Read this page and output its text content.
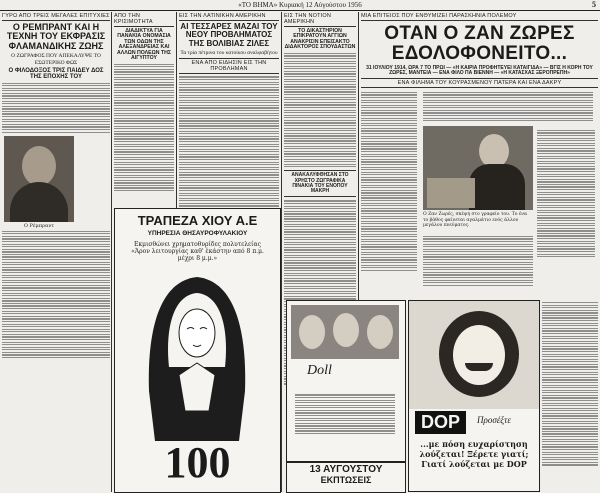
«ΤΟ ΒΗΜΑ» Κυριακή 12 Αὐγούστου 1956	5
ΓΥΡΩ ΑΠΟ ΤΡΕΙΣ ΜΕΓΑΛΕΣ ΕΠΙΤΥΧΙΕΣ
Ο ΡΕΜΠΡΑΝΤ ΚΑΙ Η ΤΕΧΝΗ ΤΟΥ ΕΚΦΡΑΣΙΣ ΦΛΑΜΑΝΔΙΚΗΣ ΖΩΗΣ
Ο ΖΩΓΡΑΦΟΣ ΠΟΥ ΑΠΕΚΑΛΥΨΕ ΤΟ ΕΣΩΤΕΡΙΚΟ ΦΩΣ
Ο ΦΙΛΟΔΟΞΟΣ ΤΡΙΣ ΠΑΙΔΕΥ ΔΟΣ ΤΗΣ ΕΠΟΧΗΣ ΤΟΥ
Ο Ρέμπραντ
ΑΠΟ ΤΗΝ ΚΡΙΣΙΜΟΤΗΤΑ
ΔΙΑΔΙΚΤΥΑ ΓΙΑ ΠΑΝΑΚΙΑ ΟΝΟΜΑΣΙΑ ΤΩΝ ΟΔΩΝ ΤΗΣ ΑΛΕΞΑΝΔΡΕΙΑΣ ΚΑΙ ΑΛΛΩΝ ΠΟΛΕΩΝ ΤΗΣ ΑΙΓΥΠΤΟΥ
ΕΙΣ ΤΗΝ ΛΑΤΙΝΙΚΗΝ ΑΜΕΡΙΚΗΝ
ΑΙ ΤΕΣΣΑΡΕΣ ΜΑΖΑΙ ΤΟΥ ΝΕΟΥ ΠΡΟΒΛΗΜΑΤΟΣ ΤΗΣ ΒΟΛΙΒΙΑΣ ΖΙΛΕΣ
Τα τρία πέτρινα του κατοίκου αναλφαβήτου
ΕΝΑ ΑΠΟ ΕΙΔΗΣΙΝ ΕΙΣ ΤΗΝ ΠΡΟΒΛΗΜΑΝ
ΕΙΣ ΤΗΝ ΝΟΤΙΟΝ ΑΜΕΡΙΚΗΝ
ΤΟ ΔΙΚΑΣΤΗΡΙΟΝ ΕΠΙΚΡΑΤΟΥΝ ΑΓΓΙΩΝ ΑΝΑΚΡΙΣΙΝ ΕΠΕΙΣΑΚΤΟ ΔΙΔΑΚΤΟΡΟΣ ΣΠΟΥΔΑΣΤΩΝ
ΑΝΑΚΑΛΥΦΘΗΣΑΝ ΣΤΟ ΧΡΗΣΤΟ ΖΩΓΡΑΦΙΚΑ ΠΙΝΑΚΙΑ ΤΟΥ ΕΝΟΠΟΥ ΜΑΚΡΗ
ΜΙΑ ΕΠΙΤΕΙΟΣ ΠΟΥ ΕΝΘΥΜΙΖΕΙ ΠΑΡΑΣΚΗΝΙΑ ΠΟΛΕΜΟΥ
ΟΤΑΝ Ο ΖΑΝ ΖΩΡΕΣ ΕΔΟΛΟΦΟΝΕΙΤΟ...
31 ΙΟΥΛΙΟΥ 1914, ΩΡΑ 7 ΤΟ ΠΡΩΙ — «Η ΚΑΙΡΙΑ ΠΡΟΦΗΤΕΥΕΙ ΚΑΤΑΙΓΙΔΑ» — ΒΓΙΣ Η ΚΟΡΗ ΤΟΥ ΖΩΡΕΣ, ΜΑΝΤΕΙΑ — ΕΝΑ ΦΙΛΟ ΠΑ ΒΙΕΝΝΗ — «Η ΚΑΤΑΣΧΑΣ ΞΕΡΟΠΡΕΠΗ»
ΕΝΑ ΦΙΛΗΜΑ ΤΟΥ ΚΟΥΡΑΣΜΕΝΟΥ ΠΑΤΕΡΑ ΚΑΙ ΕΝΑ ΔΑΚΡΥ
Ο Ζαν Ζωρές, σκέψη στο γραφείο του. Το ένα το βάθος φαίνεται αγαλμάτιο ενός άλλου μεγάλου πνεύματος.
ΤΡΑΠΕΖΑ ΧΙΟΥ Α.Ε
ΥΠΗΡΕΣΙΑ ΘΗΣΑΥΡΟΦΥΛΑΚΙΟΥ
Εκμισθώνει χρηματοθυρίδες πολυτελείας «Άρον λειτουργίας καθ' ἑκάστην από 8 π.μ. μέχρι 8 μ.μ.»
100
Doll
13 ΑΥΓΟΥΣΤΟΥ
ΕΚΠΤΩΣΕΙΣ
DOP	Προσέξτε
...με πόση ευχαρίστηση λούζεται! Ξέρετε γιατί; Γιατί λούζεται με DOP
